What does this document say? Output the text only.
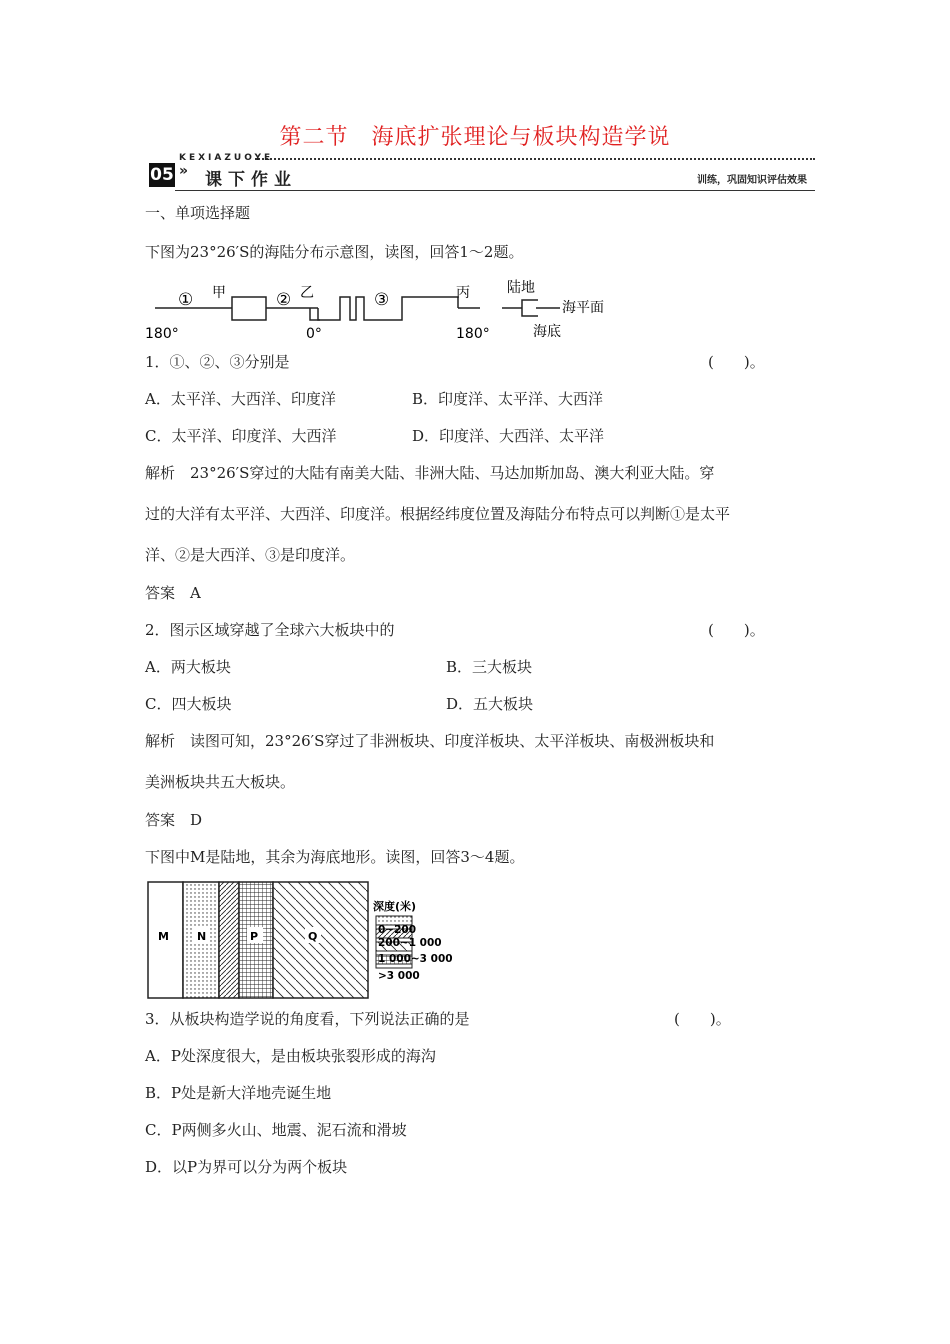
第二节　海底扩张理论与板块构造学说
05
KEXIAZUOYE
» 课下作业	训练，巩固知识评估效果
一、单项选择题
下图为23°26′S的海陆分布示意图，读图，回答1～2题。
① 甲	② 乙	③	丙
180°	0°	180°
陆地
海平面
海底
1．①、②、③分别是	(　　)。
A．太平洋、大西洋、印度洋	B．印度洋、太平洋、大西洋
C．太平洋、印度洋、大西洋	D．印度洋、大西洋、太平洋
解析　23°26′S穿过的大陆有南美大陆、非洲大陆、马达加斯加岛、澳大利亚大陆。穿
过的大洋有太平洋、大西洋、印度洋。根据经纬度位置及海陆分布特点可以判断①是太平
洋、②是大西洋、③是印度洋。
答案　A
2．图示区域穿越了全球六大板块中的	(　　)。
A．两大板块	B．三大板块
C．四大板块	D．五大板块
解析　读图可知，23°26′S穿过了非洲板块、印度洋板块、太平洋板块、南极洲板块和
美洲板块共五大板块。
答案　D
下图中M是陆地，其余为海底地形。读图，回答3～4题。
M	N	P	Q
深度(米)
0~200
200~1 000
1 000~3 000
>3 000
3．从板块构造学说的角度看，下列说法正确的是	(　　)。
A．P处深度很大，是由板块张裂形成的海沟
B．P处是新大洋地壳诞生地
C．P两侧多火山、地震、泥石流和滑坡
D．以P为界可以分为两个板块
